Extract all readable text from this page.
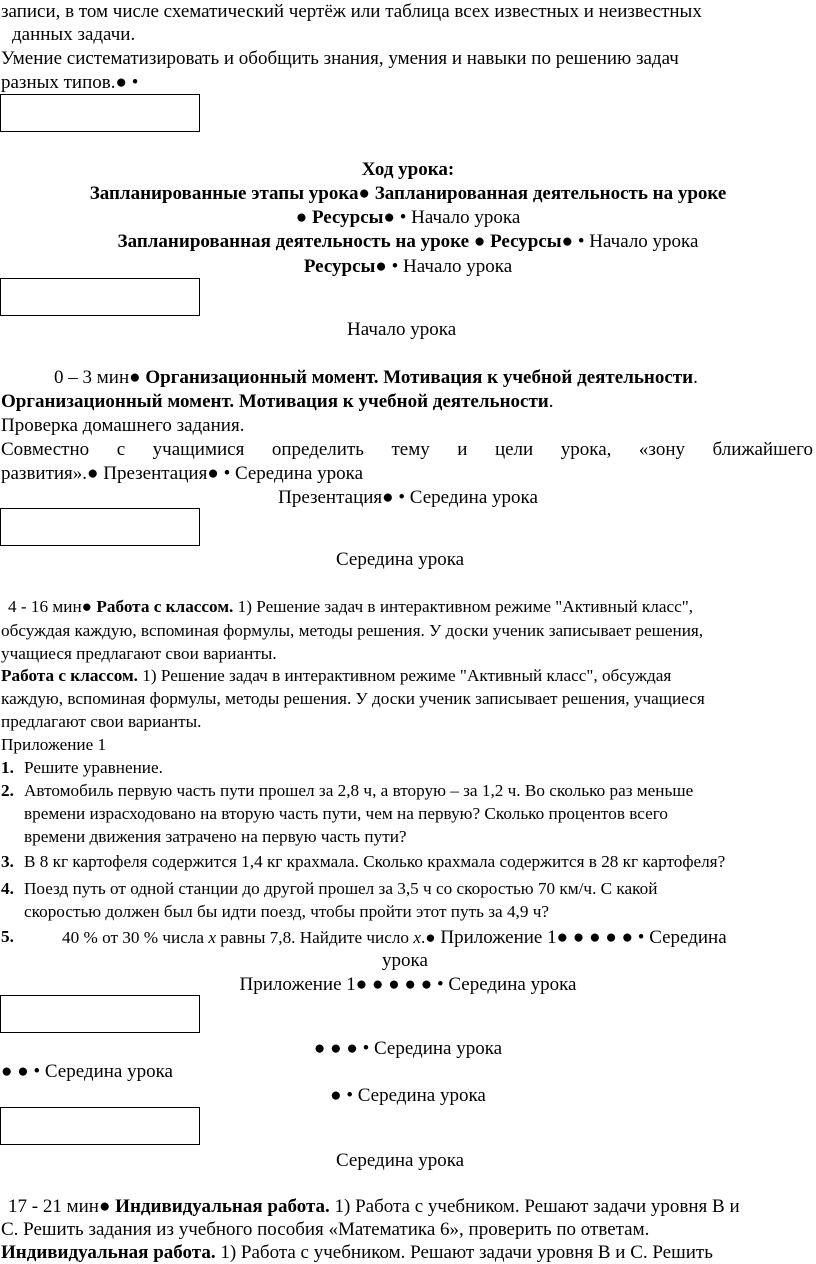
записи, в том числе схематический чертёж или таблица всех известных и неизвестных
данных задачи.
Умение систематизировать и обобщить знания, умения и навыки по решению задач
разных типов.● •
Ход урока:
Запланированные этапы урока● Запланированная деятельность на уроке
● Ресурсы● • Начало урока
Запланированная деятельность на уроке ● Ресурсы● • Начало урока
Ресурсы● • Начало урока
Начало урока
0 – 3 мин● Организационный момент. Мотивация к учебной деятельности.
Организационный момент. Мотивация к учебной деятельности.
Проверка домашнего задания.
Совместно с учащимися определить тему и цели урока, «зону ближайшего
развития».● Презентация● • Середина урока
Презентация● • Середина урока
Середина урока
4 - 16 мин● Работа с классом. 1) Решение задач в интерактивном режиме "Активный класс",
обсуждая каждую, вспоминая формулы, методы решения. У доски ученик записывает решения,
учащиеся предлагают свои варианты.
Работа с классом. 1) Решение задач в интерактивном режиме "Активный класс", обсуждая
каждую, вспоминая формулы, методы решения. У доски ученик записывает решения, учащиеся
предлагают свои варианты.
Приложение 1
1. Решите уравнение.
2. Автомобиль первую часть пути прошел за 2,8 ч, а вторую – за 1,2 ч. Во сколько раз меньше
времени израсходовано на вторую часть пути, чем на первую? Сколько процентов всего
времени движения затрачено на первую часть пути?
3. В 8 кг картофеля содержится 1,4 кг крахмала. Сколько крахмала содержится в 28 кг картофеля?
4. Поезд путь от одной станции до другой прошел за 3,5 ч со скоростью 70 км/ч. С какой
скоростью должен был бы идти поезд, чтобы пройти этот путь за 4,9 ч?
5.	40 % от 30 % числа x равны 7,8. Найдите число x.● Приложение 1● ● ● ● ● • Середина
урока
Приложение 1● ● ● ● ● • Середина урока
● ● ● • Середина урока
● ● • Середина урока
● • Середина урока
Середина урока
17 - 21 мин● Индивидуальная работа. 1) Работа с учебником. Решают задачи уровня В и
С. Решить задания из учебного пособия «Математика 6», проверить по ответам.
Индивидуальная работа. 1) Работа с учебником. Решают задачи уровня В и С. Решить
